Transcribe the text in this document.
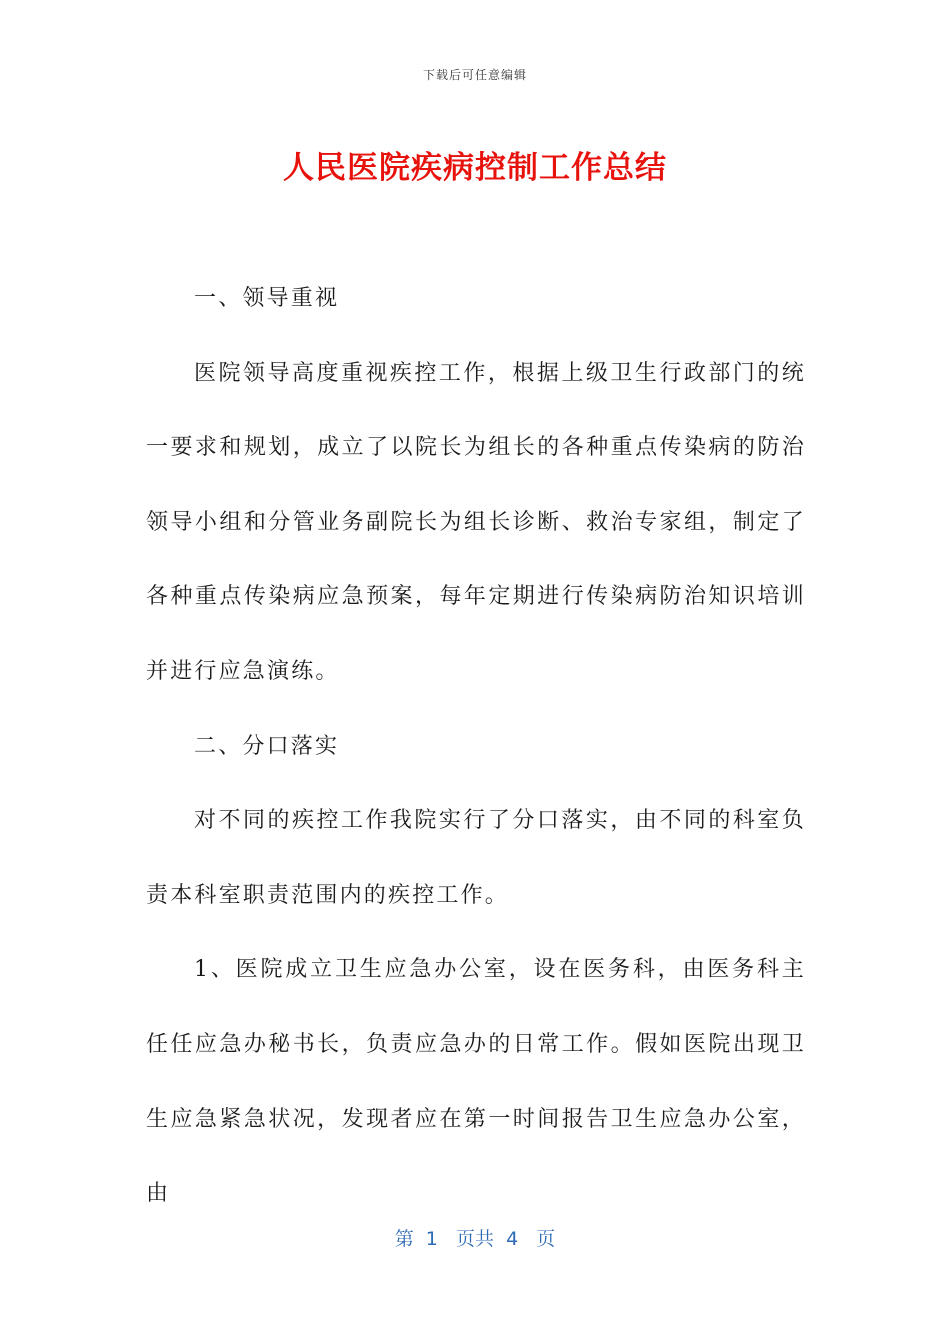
下载后可任意编辑
人民医院疾病控制工作总结

一、领导重视

医院领导高度重视疾控工作，根据上级卫生行政部门的统一要求和规划，成立了以院长为组长的各种重点传染病的防治领导小组和分管业务副院长为组长诊断、救治专家组，制定了各种重点传染病应急预案，每年定期进行传染病防治知识培训并进行应急演练。

二、分口落实

对不同的疾控工作我院实行了分口落实，由不同的科室负责本科室职责范围内的疾控工作。

1、医院成立卫生应急办公室，设在医务科，由医务科主任任应急办秘书长，负责应急办的日常工作。假如医院出现卫生应急紧急状况，发现者应在第一时间报告卫生应急办公室，由

第  1   页共  4   页
